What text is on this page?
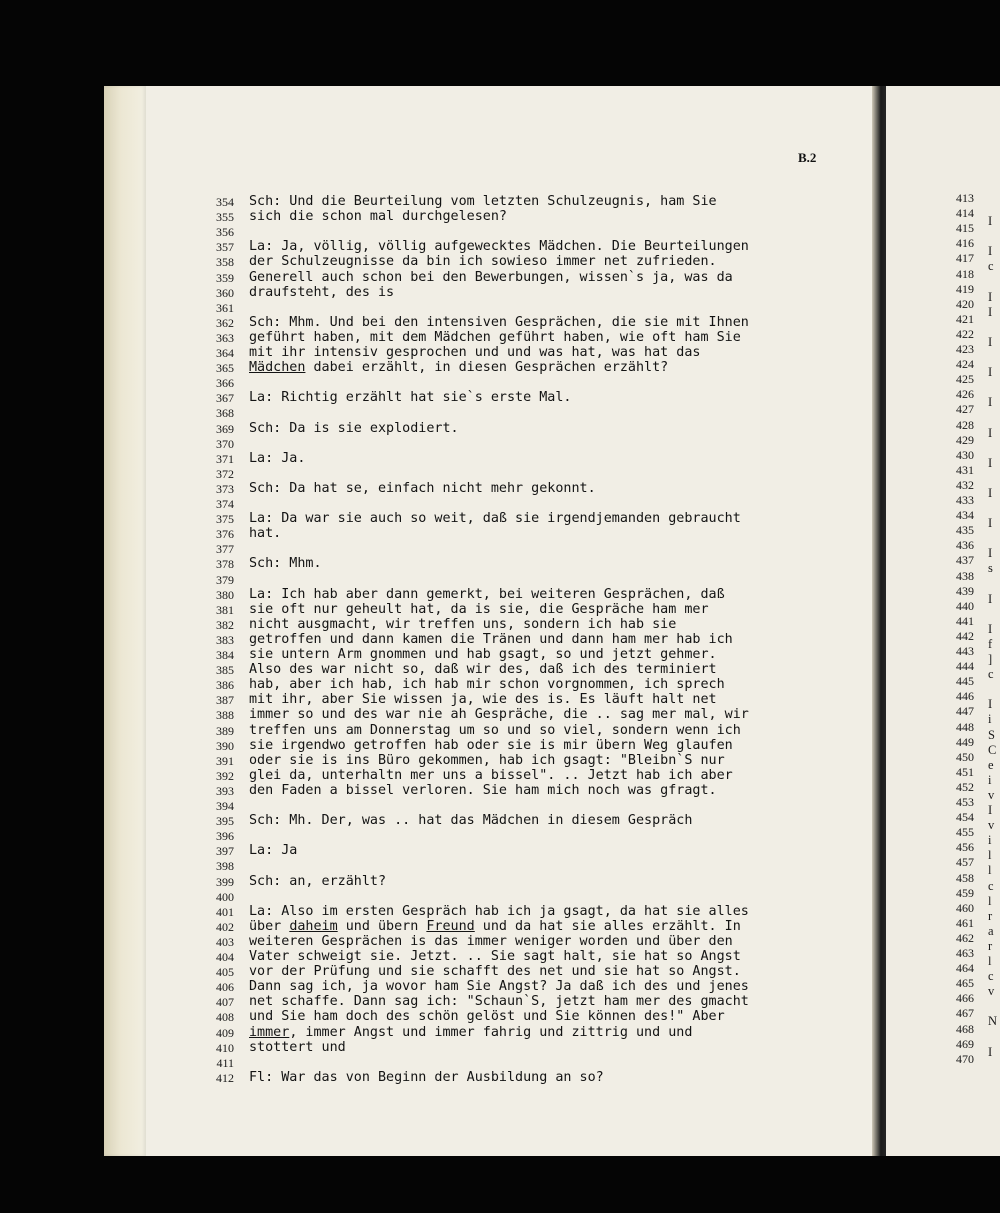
B.2
354 Sch: Und die Beurteilung vom letzten Schulzeugnis, ham Sie
355 sich die schon mal durchgelesen?
356
357 La: Ja, völlig, völlig aufgewecktes Mädchen. Die Beurteilungen
358 der Schulzeugnisse da bin ich sowieso immer net zufrieden.
359 Generell auch schon bei den Bewerbungen, wissen`s ja, was da
360 draufsteht, des is
361
362 Sch: Mhm. Und bei den intensiven Gesprächen, die sie mit Ihnen
363 geführt haben, mit dem Mädchen geführt haben, wie oft ham Sie
364 mit ihr intensiv gesprochen und und was hat, was hat das
365 Mädchen dabei erzählt, in diesen Gesprächen erzählt?
366
367 La: Richtig erzählt hat sie`s erste Mal.
368
369 Sch: Da is sie explodiert.
370
371 La: Ja.
372
373 Sch: Da hat se, einfach nicht mehr gekonnt.
374
375 La: Da war sie auch so weit, daß sie irgendjemanden gebraucht
376 hat.
377
378 Sch: Mhm.
379
380 La: Ich hab aber dann gemerkt, bei weiteren Gesprächen, daß
381 sie oft nur geheult hat, da is sie, die Gespräche ham mer
382 nicht ausgmacht, wir treffen uns, sondern ich hab sie
383 getroffen und dann kamen die Tränen und dann ham mer hab ich
384 sie untern Arm gnommen und hab gsagt, so und jetzt gehmer.
385 Also des war nicht so, daß wir des, daß ich des terminiert
386 hab, aber ich hab, ich hab mir schon vorgnommen, ich sprech
387 mit ihr, aber Sie wissen ja, wie des is. Es läuft halt net
388 immer so und des war nie ah Gespräche, die .. sag mer mal, wir
389 treffen uns am Donnerstag um so und so viel, sondern wenn ich
390 sie irgendwo getroffen hab oder sie is mir übern Weg glaufen
391 oder sie is ins Büro gekommen, hab ich gsagt: "Bleibn`S nur
392 glei da, unterhaltn mer uns a bissel". .. Jetzt hab ich aber
393 den Faden a bissel verloren. Sie ham mich noch was gfragt.
394
395 Sch: Mh. Der, was .. hat das Mädchen in diesem Gespräch
396
397 La: Ja
398
399 Sch: an, erzählt?
400
401 La: Also im ersten Gespräch hab ich ja gsagt, da hat sie alles
402 über daheim und übern Freund und da hat sie alles erzählt. In
403 weiteren Gesprächen is das immer weniger worden und über den
404 Vater schweigt sie. Jetzt. .. Sie sagt halt, sie hat so Angst
405 vor der Prüfung und sie schafft des net und sie hat so Angst.
406 Dann sag ich, ja wovor ham Sie Angst? Ja daß ich des und jenes
407 net schaffe. Dann sag ich: "Schaun`S, jetzt ham mer des gmacht
408 und Sie ham doch des schön gelöst und Sie können des!" Aber
409 immer, immer Angst und immer fahrig und zittrig und und
410 stottert und
411
412 Fl: War das von Beginn der Ausbildung an so?
413
414
I
415
416
I
417
c
418
419
I
420
I
421
422
I
423
424
I
425
426
I
427
428
I
429
430
I
431
432
I
433
434
I
435
436
I
437
s
438
439
I
440
441
I
442
f
443
]
444
c
445
446
I
447
i
448
S
449
C
450
e
451
i
452
v
453
I
454
v
455
i
456
l
457
l
458
c
459
l
460
r
461
a
462
r
463
l
464
c
465
v
466
467
N
468
469
I
470
